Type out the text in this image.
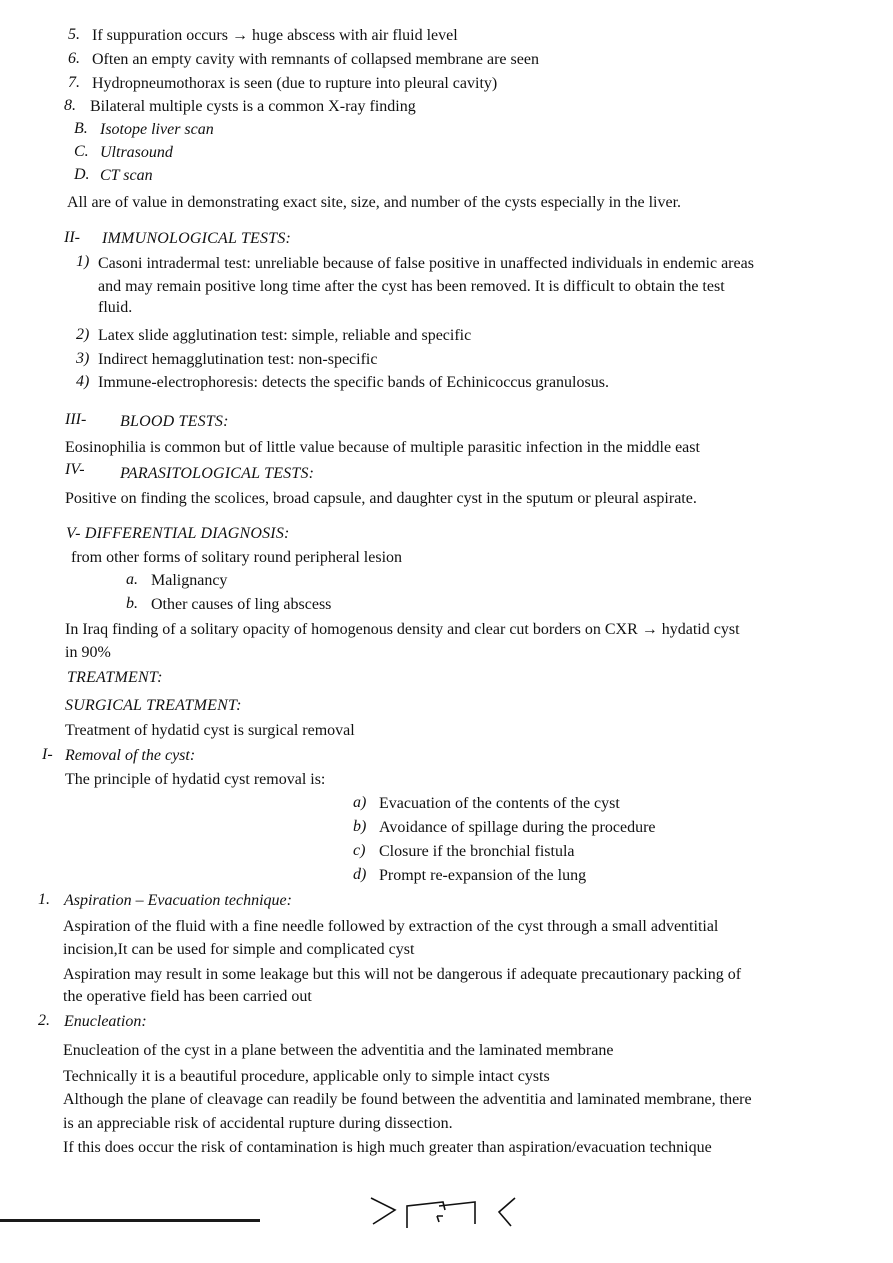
5. If suppuration occurs → huge abscess with air fluid level
6. Often an empty cavity with remnants of collapsed membrane are seen
7. Hydropneumothorax is seen (due to rupture into pleural cavity)
8. Bilateral multiple cysts is a common X-ray finding
B. Isotope liver scan
C. Ultrasound
D. CT scan
All are of value in demonstrating exact site, size, and number of the cysts especially in the liver.
II- IMMUNOLOGICAL TESTS:
1) Casoni intradermal test: unreliable because of false positive in unaffected individuals in endemic areas
and may remain positive long time after the cyst has been removed. It is difficult to obtain the test
fluid.
2) Latex slide agglutination test: simple, reliable and specific
3) Indirect hemagglutination test: non-specific
4) Immune-electrophoresis: detects the specific bands of Echinicoccus granulosus.
III- BLOOD TESTS:
Eosinophilia is common but of little value because of multiple parasitic infection in the middle east
IV- PARASITOLOGICAL TESTS:
Positive on finding the scolices, broad capsule, and daughter cyst in the sputum or pleural aspirate.
V- DIFFERENTIAL DIAGNOSIS:
from other forms of solitary round peripheral lesion
a. Malignancy
b. Other causes of ling abscess
In Iraq finding of a solitary opacity of homogenous density and clear cut borders on CXR → hydatid cyst
in 90%
TREATMENT:
SURGICAL TREATMENT:
Treatment of hydatid cyst is surgical removal
I- Removal of the cyst:
The principle of hydatid cyst removal is:
a) Evacuation of the contents of the cyst
b) Avoidance of spillage during the procedure
c) Closure if the bronchial fistula
d) Prompt re-expansion of the lung
1. Aspiration – Evacuation technique:
Aspiration of the fluid with a fine needle followed by extraction of the cyst through a small adventitial
incision,It can be used for simple and complicated cyst
Aspiration may result in some leakage but this will not be dangerous if adequate precautionary packing of
the operative field has been carried out
2. Enucleation:
Enucleation of the cyst in a plane between the adventitia and the laminated membrane
Technically it is a beautiful procedure, applicable only to simple intact cysts
Although the plane of cleavage can readily be found between the adventitia and laminated membrane, there
is an appreciable risk of accidental rupture during dissection.
If this does occur the risk of contamination is high much greater than aspiration/evacuation technique
